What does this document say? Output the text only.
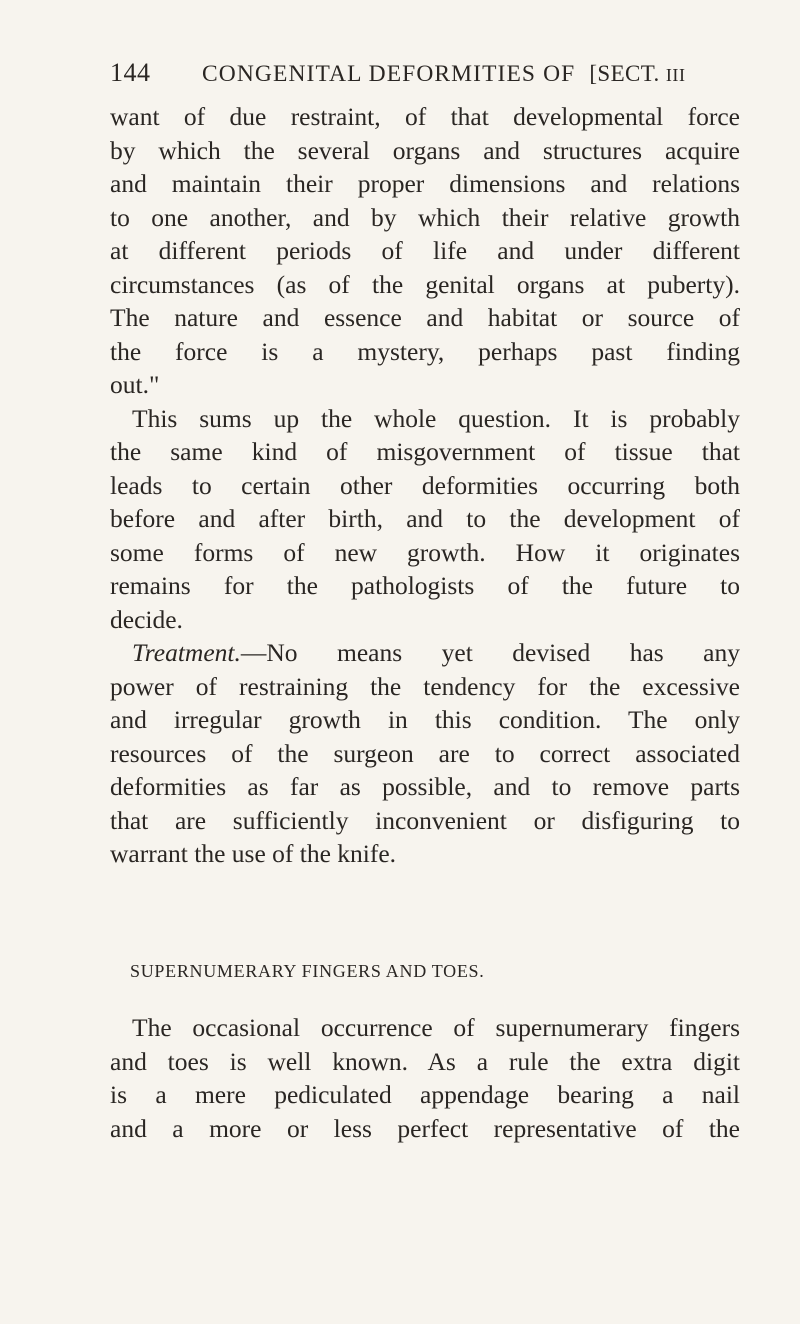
144	CONGENITAL DEFORMITIES OF [SECT. III
want of due restraint, of that developmental force
by which the several organs and structures acquire
and maintain their proper dimensions and relations
to one another, and by which their relative growth
at different periods of life and under different
circumstances (as of the genital organs at puberty).
The nature and essence and habitat or source of
the force is a mystery, perhaps past finding
out."
This sums up the whole question. It is probably
the same kind of misgovernment of tissue that
leads to certain other deformities occurring both
before and after birth, and to the development of
some forms of new growth. How it originates
remains for the pathologists of the future to
decide.
Treatment.—No means yet devised has any
power of restraining the tendency for the excessive
and irregular growth in this condition. The only
resources of the surgeon are to correct associated
deformities as far as possible, and to remove parts
that are sufficiently inconvenient or disfiguring to
warrant the use of the knife.
SUPERNUMERARY FINGERS AND TOES.
The occasional occurrence of supernumerary fingers
and toes is well known. As a rule the extra digit
is a mere pediculated appendage bearing a nail
and a more or less perfect representative of the
